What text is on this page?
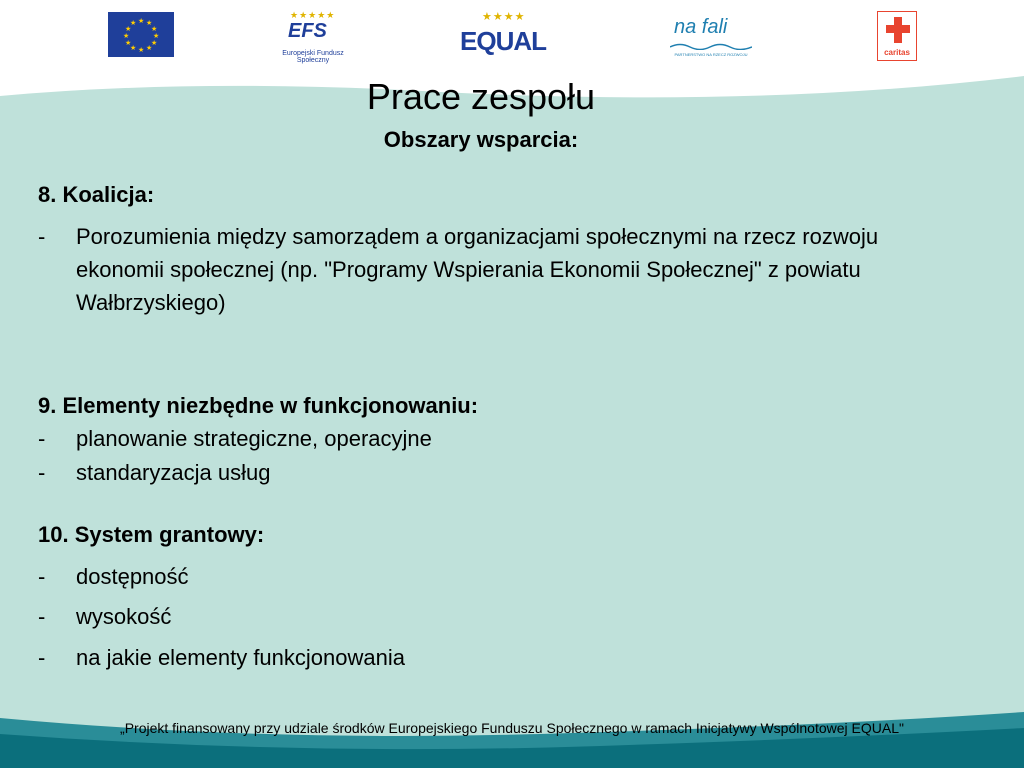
★ ★
★
★
★
★
★
★
★
★
★
★
★★★★★
EFS
Europejski Fundusz Społeczny
★★★★
EQUAL	na fali
PARTNERSTWO NA RZECZ ROZWOJU	caritas
Prace zespołu
Obszary wsparcia:
8. Koalicja:
-	Porozumienia między samorządem a organizacjami społecznymi na rzecz rozwoju ekonomii społecznej (np. "Programy Wspierania Ekonomii Społecznej" z powiatu Wałbrzyskiego)
9. Elementy niezbędne w funkcjonowaniu:
-	planowanie strategiczne, operacyjne
-	standaryzacja usług
10. System grantowy:
-	dostępność
-	wysokość
-	na jakie elementy funkcjonowania
„Projekt finansowany przy udziale środków Europejskiego Funduszu Społecznego w ramach Inicjatywy Wspólnotowej EQUAL"
